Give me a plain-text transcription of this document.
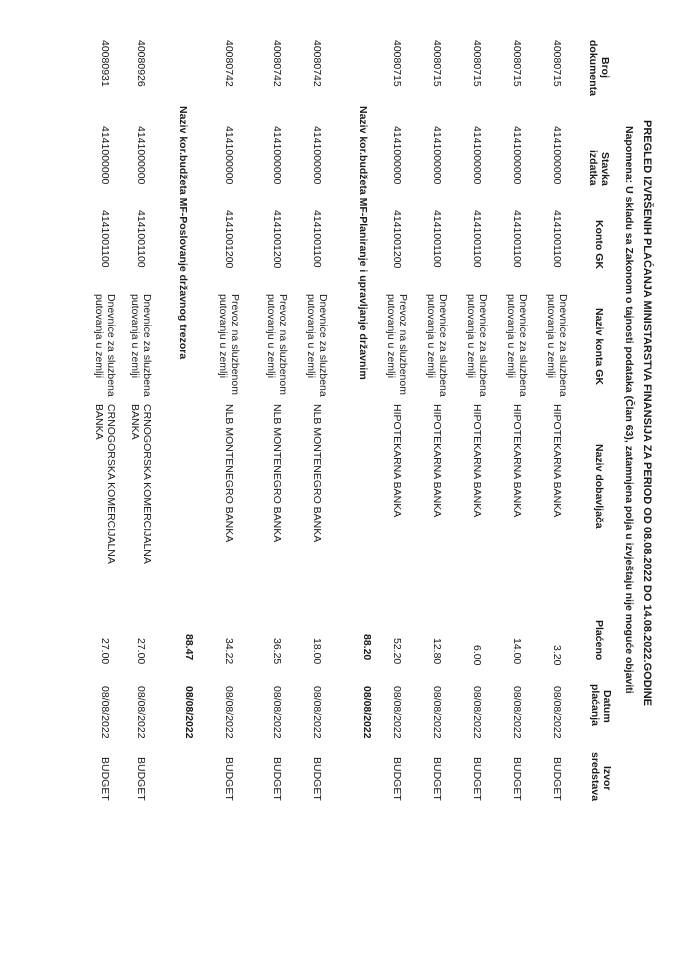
PREGLED IZVRŠENIH PLAĆANJA MINISTARSTVA FINANSIJA ZA PERIOD OD 08.08.2022 DO 14.08.2022.GODINE
Napomena: U skladu sa Zakonom o tajnosti podataka (Član 63), zatamnjena polja u izvještaju nije moguće objaviti
Broj
dokumenta
Stavka
izdatka
Konto GK
Naziv konta GK
Naziv dobavljača
Plaćeno
Datum
plaćanja
Izvor
sredstava
40080715
4141000000
4141001100
Dnevnice za sluzbena putovanja u zemlji
HIPOTEKARNA BANKA
3.20
08/08/2022
BUDGET
40080715
4141000000
4141001100
Dnevnice za sluzbena putovanja u zemlji
HIPOTEKARNA BANKA
14.00
08/08/2022
BUDGET
40080715
4141000000
4141001100
Dnevnice za sluzbena putovanja u zemlji
HIPOTEKARNA BANKA
6.00
08/08/2022
BUDGET
40080715
4141000000
4141001100
Dnevnice za sluzbena putovanja u zemlji
HIPOTEKARNA BANKA
12.80
08/08/2022
BUDGET
40080715
4141000000
4141001200
Prevoz na sluzbenom putovanju u zemlji
HIPOTEKARNA BANKA
52.20
08/08/2022
BUDGET
88.20
08/08/2022
Naziv kor.budžeta MF-Planiranje i upravljanje državnim
40080742
4141000000
4141001100
Dnevnice za sluzbena putovanja u zemlji
NLB MONTENEGRO BANKA
18.00
08/08/2022
BUDGET
40080742
4141000000
4141001200
Prevoz na sluzbenom putovanju u zemlji
NLB MONTENEGRO BANKA
36.25
08/08/2022
BUDGET
40080742
4141000000
4141001200
Prevoz na sluzbenom putovanju u zemlji
NLB MONTENEGRO BANKA
34.22
08/08/2022
BUDGET
88.47
08/08/2022
Naziv kor.budžeta MF-Poslovanje državnog trezora
40080926
4141000000
4141001100
Dnevnice za sluzbena putovanja u zemlji
CRNOGORSKA KOMERCIJALNA BANKA
27.00
08/08/2022
BUDGET
40080931
4141000000
4141001100
Dnevnice za sluzbena putovanja u zemlji
CRNOGORSKA KOMERCIJALNA BANKA
27.00
08/08/2022
BUDGET
